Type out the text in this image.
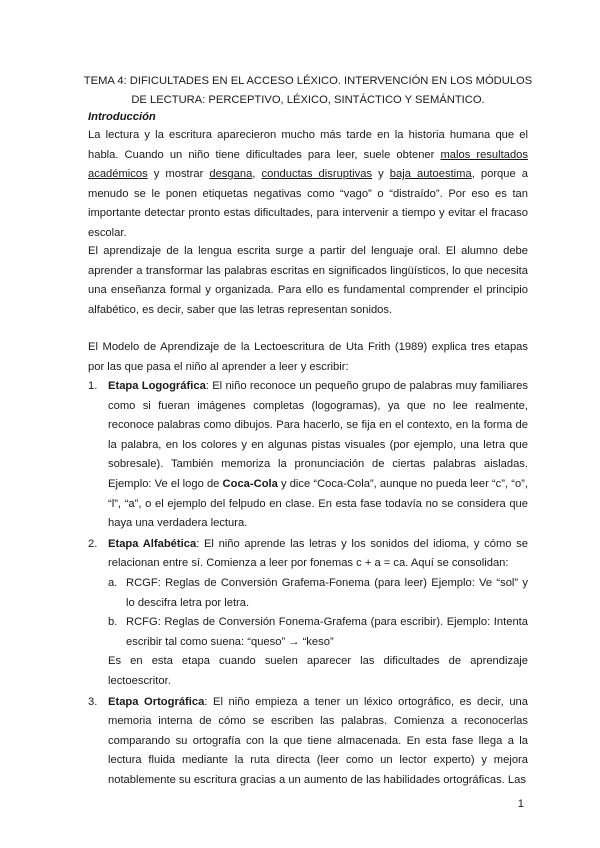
TEMA 4: DIFICULTADES EN EL ACCESO LÉXICO. INTERVENCIÓN EN LOS MÓDULOS
DE LECTURA: PERCEPTIVO, LÉXICO, SINTÁCTICO Y SEMÁNTICO.
Introducción
La lectura y la escritura aparecieron mucho más tarde en la historia humana que el habla. Cuando un niño tiene dificultades para leer, suele obtener malos resultados académicos y mostrar desgana, conductas disruptivas y baja autoestima, porque a menudo se le ponen etiquetas negativas como “vago” o “distraído”. Por eso es tan importante detectar pronto estas dificultades, para intervenir a tiempo y evitar el fracaso escolar.
El aprendizaje de la lengua escrita surge a partir del lenguaje oral. El alumno debe aprender a transformar las palabras escritas en significados lingüísticos, lo que necesita una enseñanza formal y organizada. Para ello es fundamental comprender el principio alfabético, es decir, saber que las letras representan sonidos.
El Modelo de Aprendizaje de la Lectoescritura de Uta Frith (1989) explica tres etapas por las que pasa el niño al aprender a leer y escribir:
1. Etapa Logográfica: El niño reconoce un pequeño grupo de palabras muy familiares como si fueran imágenes completas (logogramas), ya que no lee realmente, reconoce palabras como dibujos. Para hacerlo, se fija en el contexto, en la forma de la palabra, en los colores y en algunas pistas visuales (por ejemplo, una letra que sobresale). También memoriza la pronunciación de ciertas palabras aisladas. Ejemplo: Ve el logo de Coca-Cola y dice “Coca-Cola”, aunque no pueda leer “c”, “o”, “l”, “a”, o el ejemplo del felpudo en clase. En esta fase todavía no se considera que haya una verdadera lectura.
2. Etapa Alfabética: El niño aprende las letras y los sonidos del idioma, y cómo se relacionan entre sí. Comienza a leer por fonemas c + a = ca. Aquí se consolidan:
a. RCGF: Reglas de Conversión Grafema-Fonema (para leer) Ejemplo: Ve “sol” y lo descifra letra por letra.
b. RCFG: Reglas de Conversión Fonema-Grafema (para escribir). Ejemplo: Intenta escribir tal como suena: “queso” → “keso”
Es en esta etapa cuando suelen aparecer las dificultades de aprendizaje lectoescritor.
3. Etapa Ortográfica: El niño empieza a tener un léxico ortográfico, es decir, una memoria interna de cómo se escriben las palabras. Comienza a reconocerlas comparando su ortografía con la que tiene almacenada. En esta fase llega a la lectura fluida mediante la ruta directa (leer como un lector experto) y mejora notablemente su escritura gracias a un aumento de las habilidades ortográficas. Las
1
